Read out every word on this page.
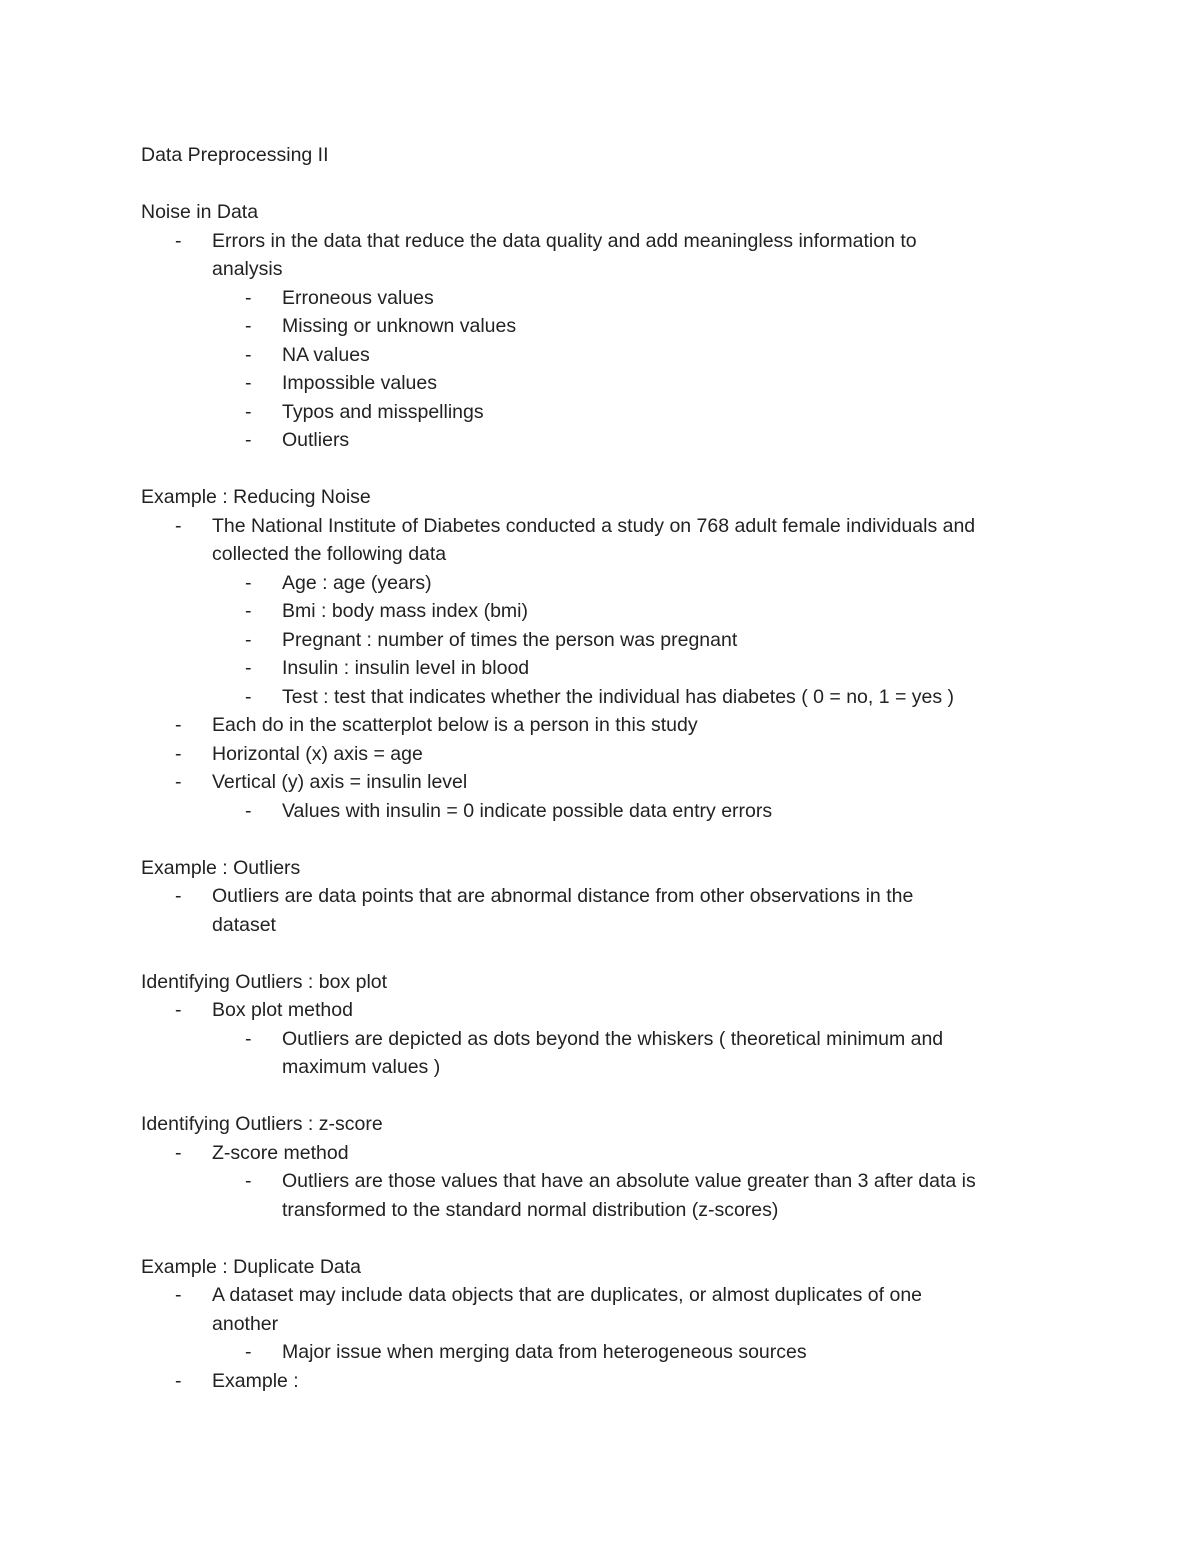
Data Preprocessing II
Noise in Data
- Errors in the data that reduce the data quality and add meaningless information to
analysis
- Erroneous values
- Missing or unknown values
- NA values
- Impossible values
- Typos and misspellings
- Outliers
Example : Reducing Noise
- The National Institute of Diabetes conducted a study on 768 adult female individuals and
collected the following data
- Age : age (years)
- Bmi : body mass index (bmi)
- Pregnant : number of times the person was pregnant
- Insulin : insulin level in blood
- Test : test that indicates whether the individual has diabetes ( 0 = no, 1 = yes )
- Each do in the scatterplot below is a person in this study
- Horizontal (x) axis = age
- Vertical (y) axis = insulin level
- Values with insulin = 0 indicate possible data entry errors
Example : Outliers
- Outliers are data points that are abnormal distance from other observations in the
dataset
Identifying Outliers : box plot
- Box plot method
- Outliers are depicted as dots beyond the whiskers ( theoretical minimum and
maximum values )
Identifying Outliers : z-score
- Z-score method
- Outliers are those values that have an absolute value greater than 3 after data is
transformed to the standard normal distribution (z-scores)
Example : Duplicate Data
- A dataset may include data objects that are duplicates, or almost duplicates of one
another
- Major issue when merging data from heterogeneous sources
- Example :
